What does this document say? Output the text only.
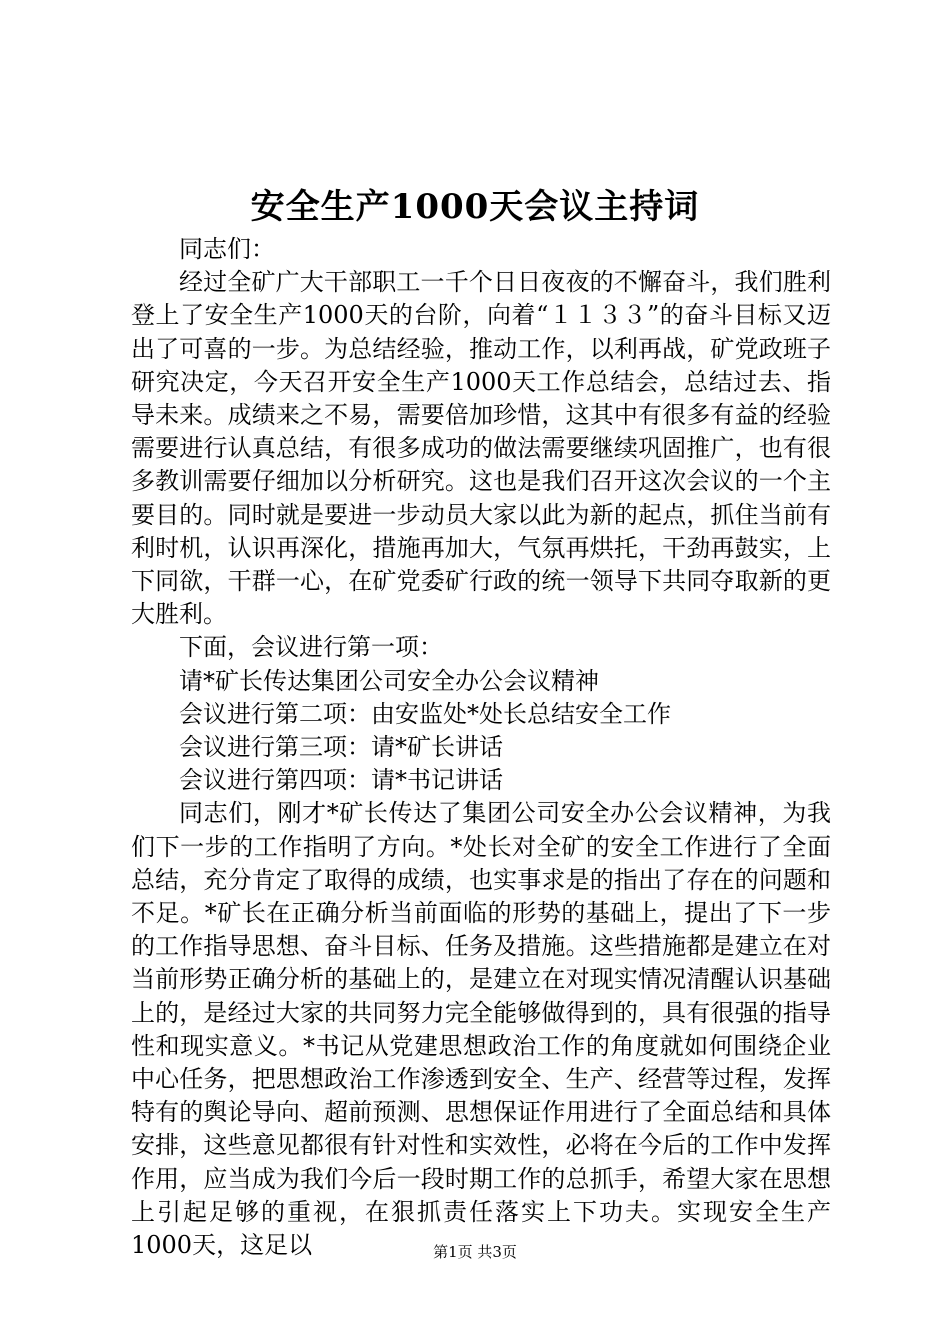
安全生产1000天会议主持词

同志们：

经过全矿广大干部职工一千个日日夜夜的不懈奋斗，我们胜利登上了安全生产1000天的台阶，向着“１１３３”的奋斗目标又迈出了可喜的一步。为总结经验，推动工作，以利再战，矿党政班子研究决定，今天召开安全生产1000天工作总结会，总结过去、指导未来。成绩来之不易，需要倍加珍惜，这其中有很多有益的经验需要进行认真总结，有很多成功的做法需要继续巩固推广，也有很多教训需要仔细加以分析研究。这也是我们召开这次会议的一个主要目的。同时就是要进一步动员大家以此为新的起点，抓住当前有利时机，认识再深化，措施再加大，气氛再烘托，干劲再鼓实，上下同欲，干群一心，在矿党委矿行政的统一领导下共同夺取新的更大胜利。

下面，会议进行第一项：

请*矿长传达集团公司安全办公会议精神

会议进行第二项：由安监处*处长总结安全工作

会议进行第三项：请*矿长讲话

会议进行第四项：请*书记讲话

同志们，刚才*矿长传达了集团公司安全办公会议精神，为我们下一步的工作指明了方向。*处长对全矿的安全工作进行了全面总结，充分肯定了取得的成绩，也实事求是的指出了存在的问题和不足。*矿长在正确分析当前面临的形势的基础上，提出了下一步的工作指导思想、奋斗目标、任务及措施。这些措施都是建立在对当前形势正确分析的基础上的，是建立在对现实情况清醒认识基础上的，是经过大家的共同努力完全能够做得到的，具有很强的指导性和现实意义。*书记从党建思想政治工作的角度就如何围绕企业中心任务，把思想政治工作渗透到安全、生产、经营等过程，发挥特有的舆论导向、超前预测、思想保证作用进行了全面总结和具体安排，这些意见都很有针对性和实效性，必将在今后的工作中发挥作用，应当成为我们今后一段时期工作的总抓手，希望大家在思想上引起足够的重视，在狠抓责任落实上下功夫。实现安全生产1000天，这足以	第1页 共3页
